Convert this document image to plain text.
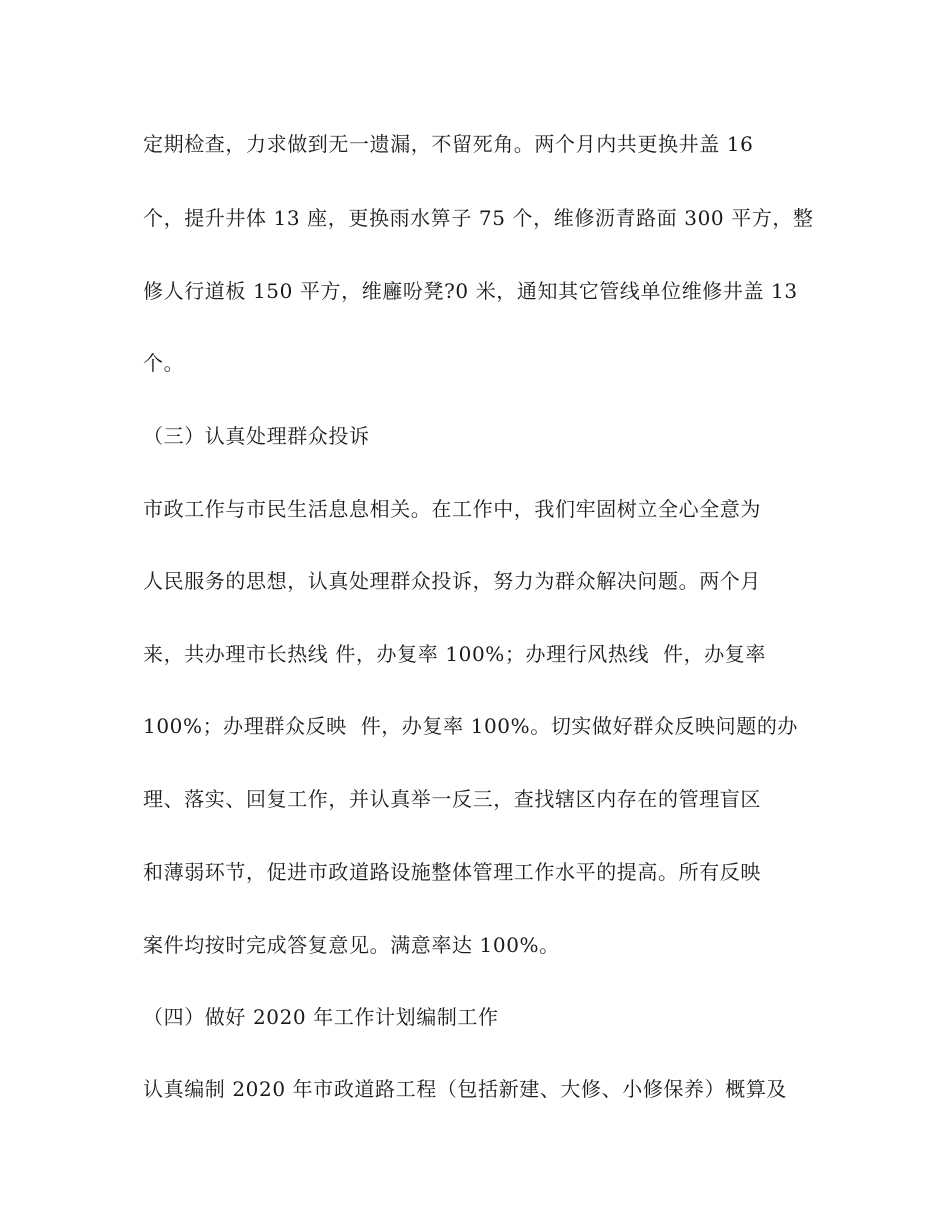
定期检查，力求做到无一遗漏，不留死角。两个月内共更换井盖 16

个，提升井体 13 座，更换雨水箅子 75 个，维修沥青路面 300 平方，整

修人行道板 150 平方，维廱吩凳?0 米，通知其它管线单位维修井盖 13

个。

（三）认真处理群众投诉

市政工作与市民生活息息相关。在工作中，我们牢固树立全心全意为

人民服务的思想，认真处理群众投诉，努力为群众解决问题。两个月

来，共办理市长热线 件，办复率 100%；办理行风热线  件，办复率

100%；办理群众反映  件，办复率 100%。切实做好群众反映问题的办

理、落实、回复工作，并认真举一反三，查找辖区内存在的管理盲区

和薄弱环节，促进市政道路设施整体管理工作水平的提高。所有反映

案件均按时完成答复意见。满意率达 100%。

（四）做好 2020 年工作计划编制工作

认真编制 2020 年市政道路工程（包括新建、大修、小修保养）概算及
